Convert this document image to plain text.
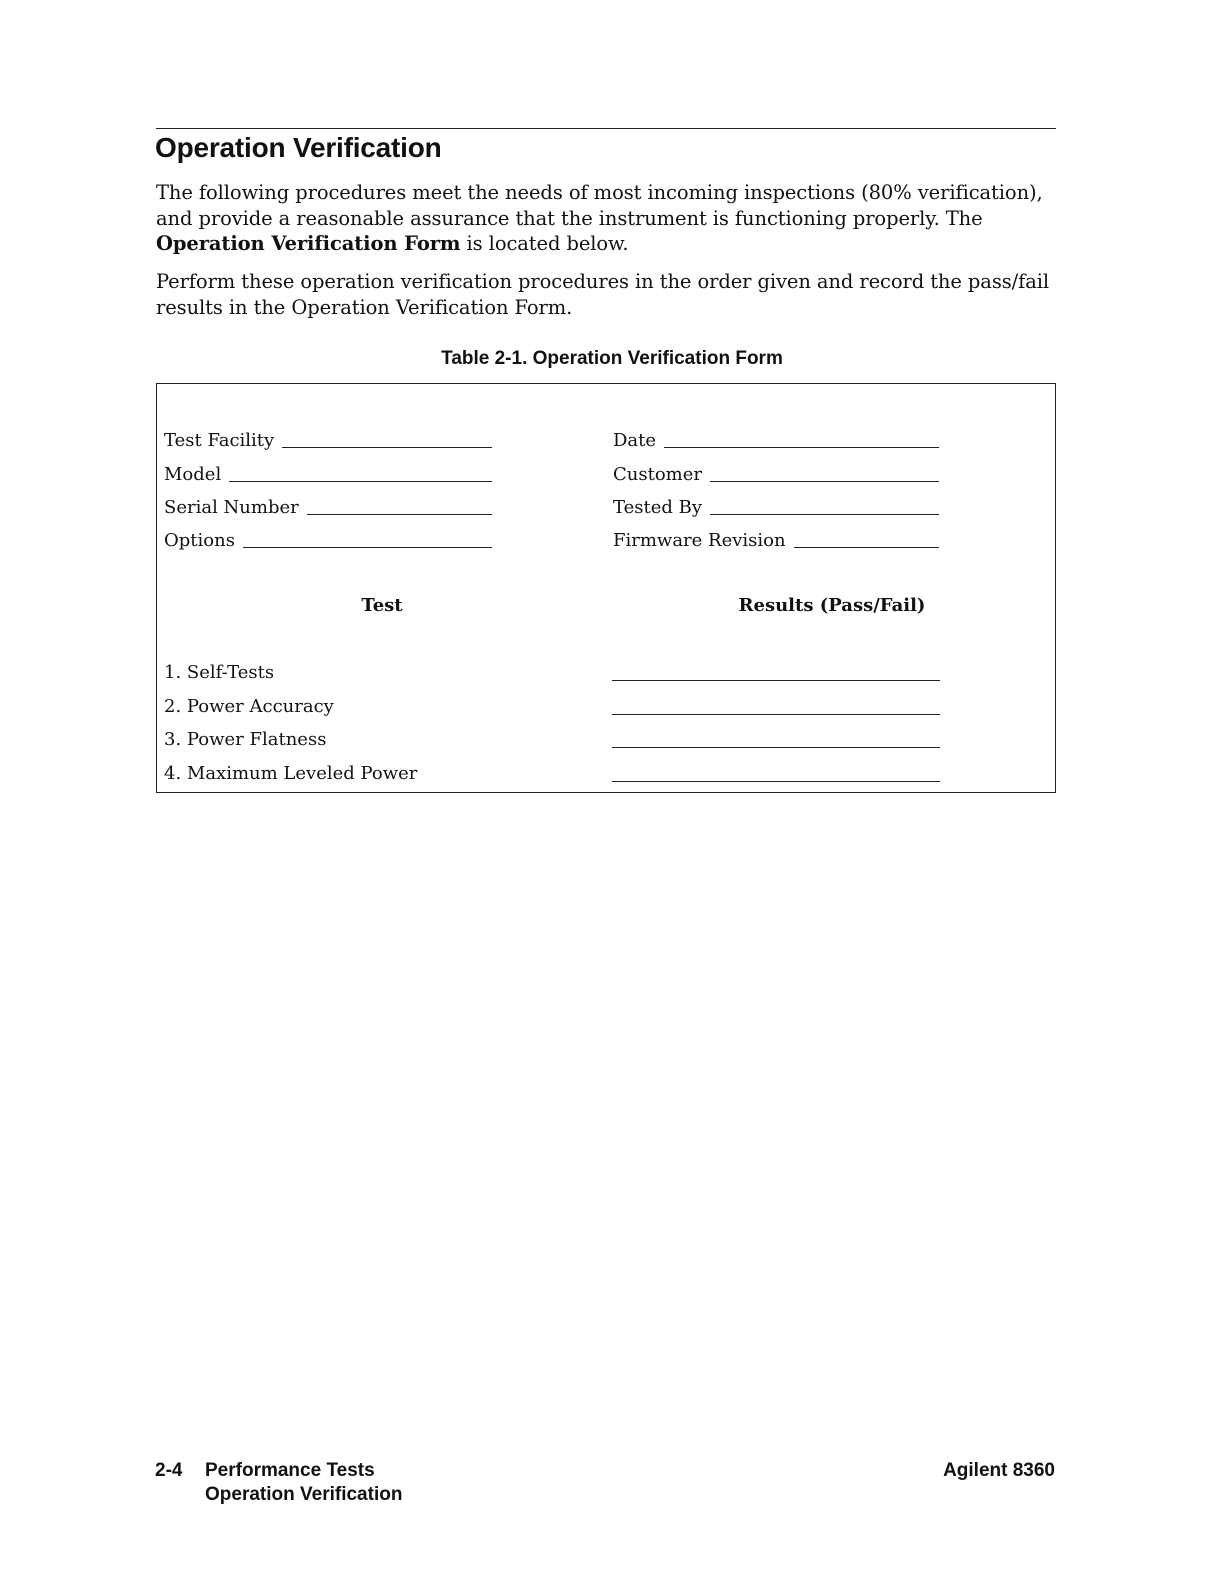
Operation Verification

The following procedures meet the needs of most incoming inspections (80% verification), and provide a reasonable assurance that the instrument is functioning properly. The Operation Verification Form is located below.

Perform these operation verification procedures in the order given and record the pass/fail results in the Operation Verification Form.

Table 2-1. Operation Verification Form
Test Facility
Model
Serial Number
Options
Date
Customer
Tested By
Firmware Revision
Test	Results (Pass/Fail)
1. Self-Tests
2. Power Accuracy
3. Power Flatness
4. Maximum Leveled Power
2-4 Performance Tests
Operation Verification
Agilent 8360
